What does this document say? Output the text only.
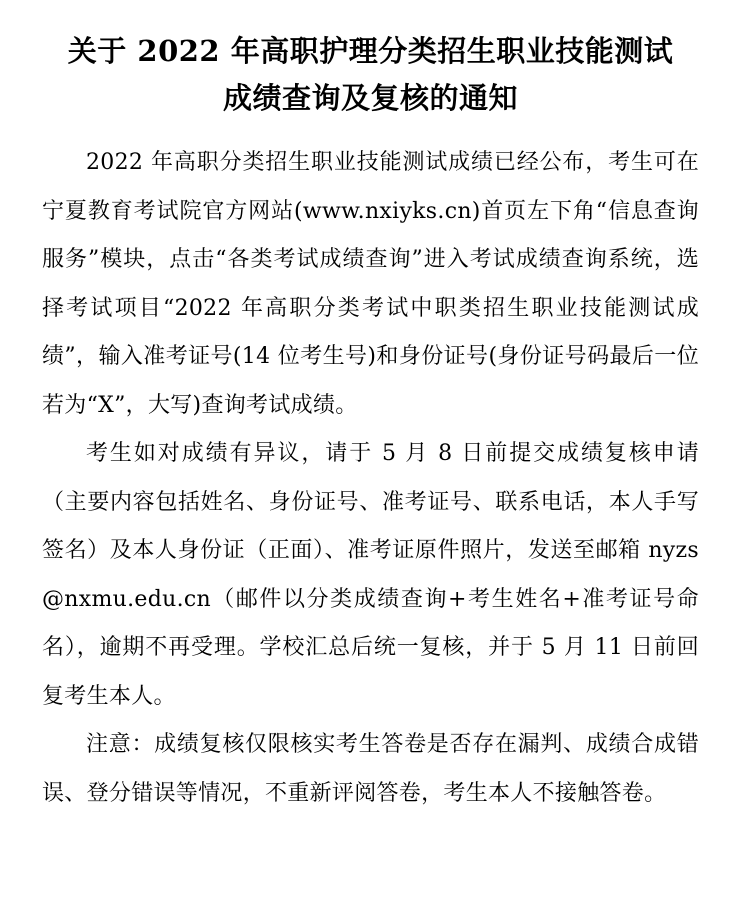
关于 2022 年高职护理分类招生职业技能测试
成绩查询及复核的通知

2022 年高职分类招生职业技能测试成绩已经公布，考生可在宁夏教育考试院官方网站(www.nxiyks.cn)首页左下角“信息查询服务”模块，点击“各类考试成绩查询”进入考试成绩查询系统，选择考试项目“2022 年高职分类考试中职类招生职业技能测试成绩”，输入准考证号(14 位考生号)和身份证号(身份证号码最后一位若为“X”，大写)查询考试成绩。

考生如对成绩有异议，请于 5 月 8 日前提交成绩复核申请（主要内容包括姓名、身份证号、准考证号、联系电话，本人手写签名）及本人身份证（正面）、准考证原件照片，发送至邮箱 nyzs@nxmu.edu.cn（邮件以分类成绩查询+考生姓名+准考证号命名），逾期不再受理。学校汇总后统一复核，并于 5 月 11 日前回复考生本人。

注意：成绩复核仅限核实考生答卷是否存在漏判、成绩合成错误、登分错误等情况，不重新评阅答卷，考生本人不接触答卷。
